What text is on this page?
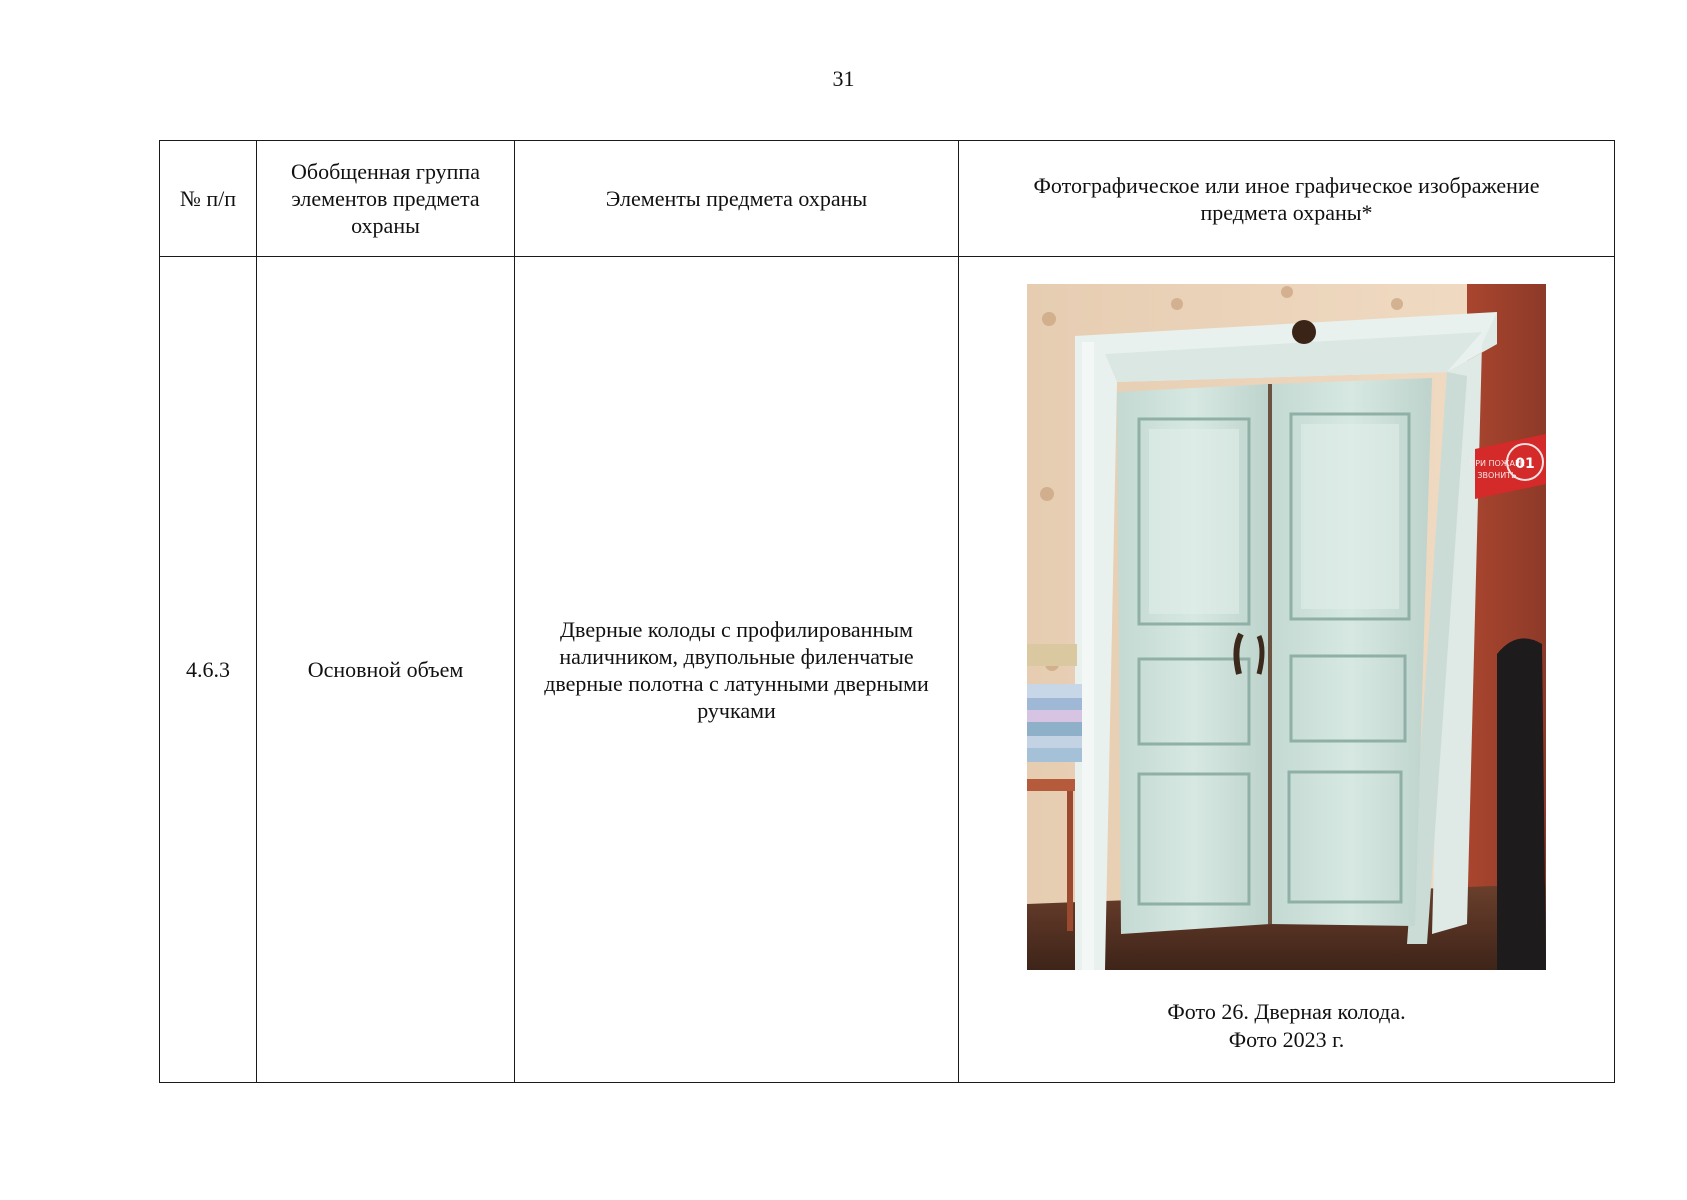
31
№ п/п	Обобщенная группа элементов предмета охраны	Элементы предмета охраны	Фотографическое или иное графическое изображение предмета охраны*
4.6.3	Основной объем	Дверные колоды с профилированным наличником, двупольные филенчатые дверные полотна с латунными дверными ручками	ПРИ ПОЖАРЕ
ЗВОНИТЬ
01
Фото 26. Дверная колода.
Фото 2023 г.
